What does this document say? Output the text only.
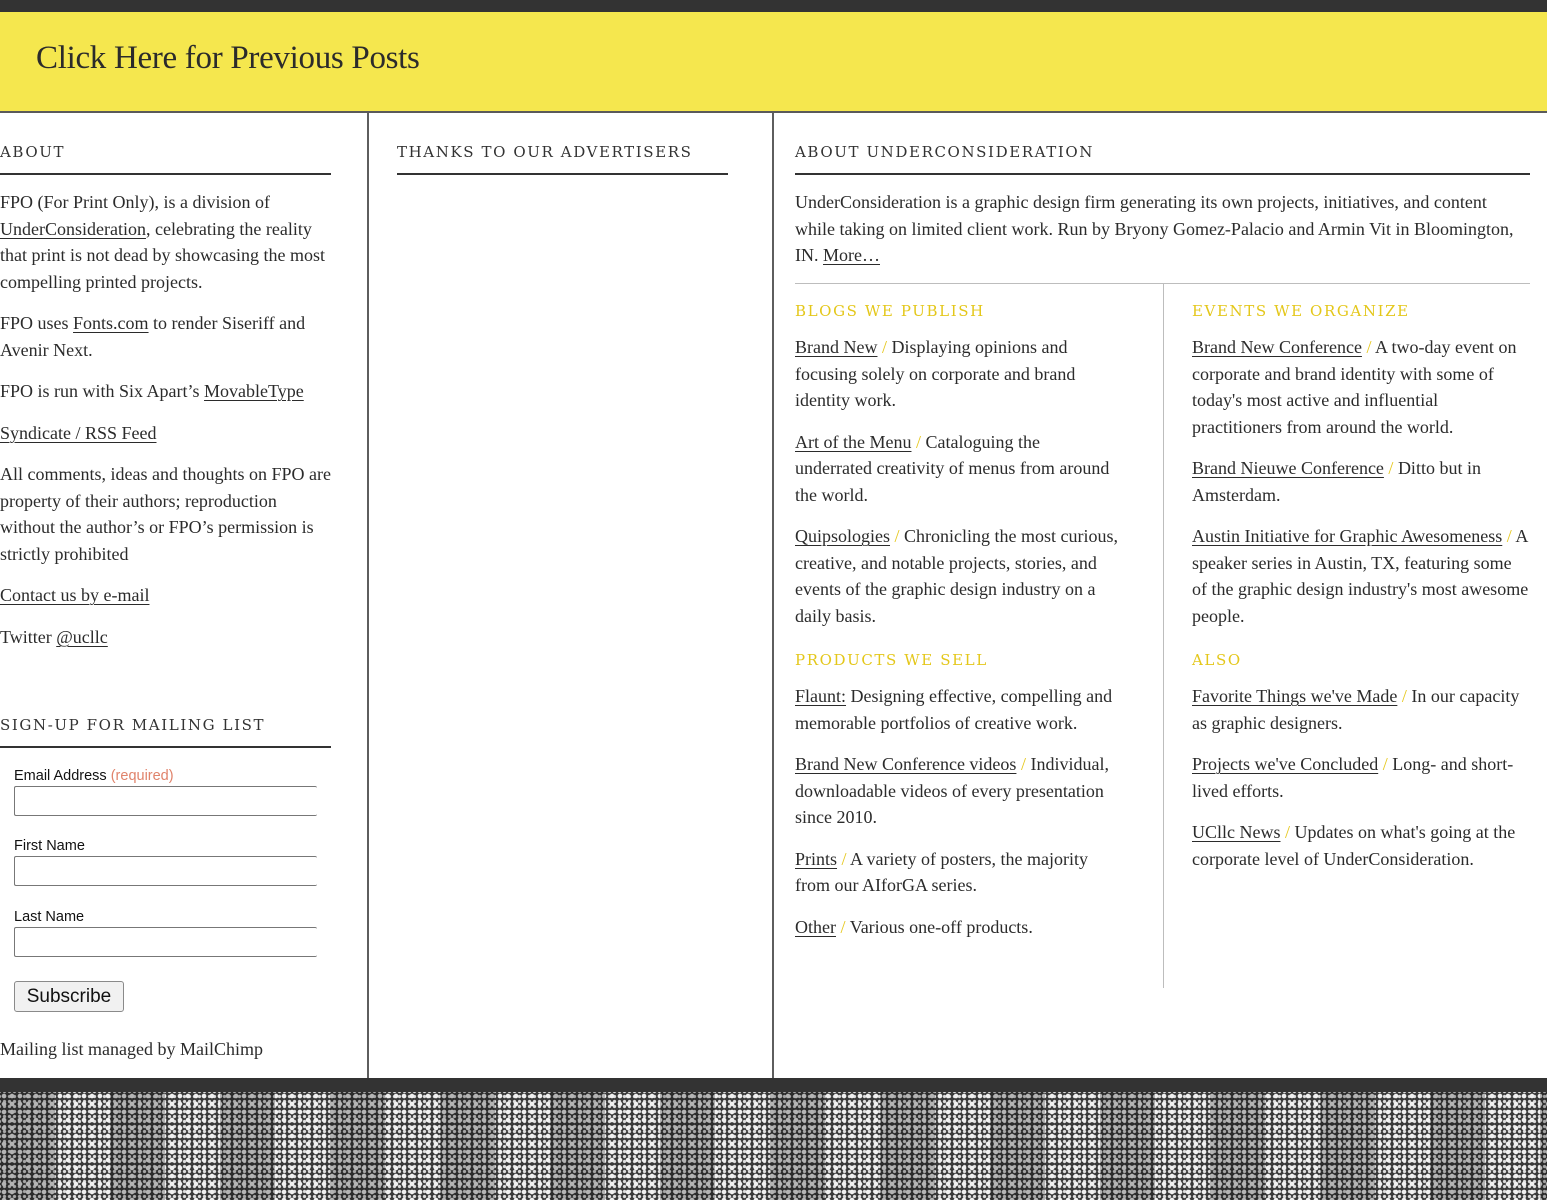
Click Here for Previous Posts
ABOUT

FPO (For Print Only), is a division of UnderConsideration, celebrating the reality that print is not dead by showcasing the most compelling printed projects.

FPO uses Fonts.com to render Siseriff and Avenir Next.

FPO is run with Six Apart’s MovableType

Syndicate / RSS Feed

All comments, ideas and thoughts on FPO are property of their authors; reproduction without the author’s or FPO’s permission is strictly prohibited

Contact us by e-mail

Twitter @ucllc

SIGN-UP FOR MAILING LIST
Email Address (required)
First Name
Last Name
Subscribe
Mailing list managed by MailChimp
THANKS TO OUR ADVERTISERS	ABOUT UNDERCONSIDERATION
UnderConsideration is a graphic design firm generating its own projects, initiatives, and content while taking on limited client work. Run by Bryony Gomez-Palacio and Armin Vit in Bloomington, IN. More…
BLOGS WE PUBLISH

Brand New / Displaying opinions and focusing solely on corporate and brand identity work.

Art of the Menu / Cataloguing the underrated creativity of menus from around the world.

Quipsologies / Chronicling the most curious, creative, and notable projects, stories, and events of the graphic design industry on a daily basis.

PRODUCTS WE SELL

Flaunt: Designing effective, compelling and memorable portfolios of creative work.

Brand New Conference videos / Individual, downloadable videos of every presentation since 2010.

Prints / A variety of posters, the majority from our AIforGA series.

Other / Various one-off products.

EVENTS WE ORGANIZE

Brand New Conference / A two-day event on corporate and brand identity with some of today's most active and influential practitioners from around the world.

Brand Nieuwe Conference / Ditto but in Amsterdam.

Austin Initiative for Graphic Awesomeness / A speaker series in Austin, TX, featuring some of the graphic design industry's most awesome people.

ALSO

Favorite Things we've Made / In our capacity as graphic designers.

Projects we've Concluded / Long- and short-lived efforts.

UCllc News / Updates on what's going at the corporate level of UnderConsideration.
